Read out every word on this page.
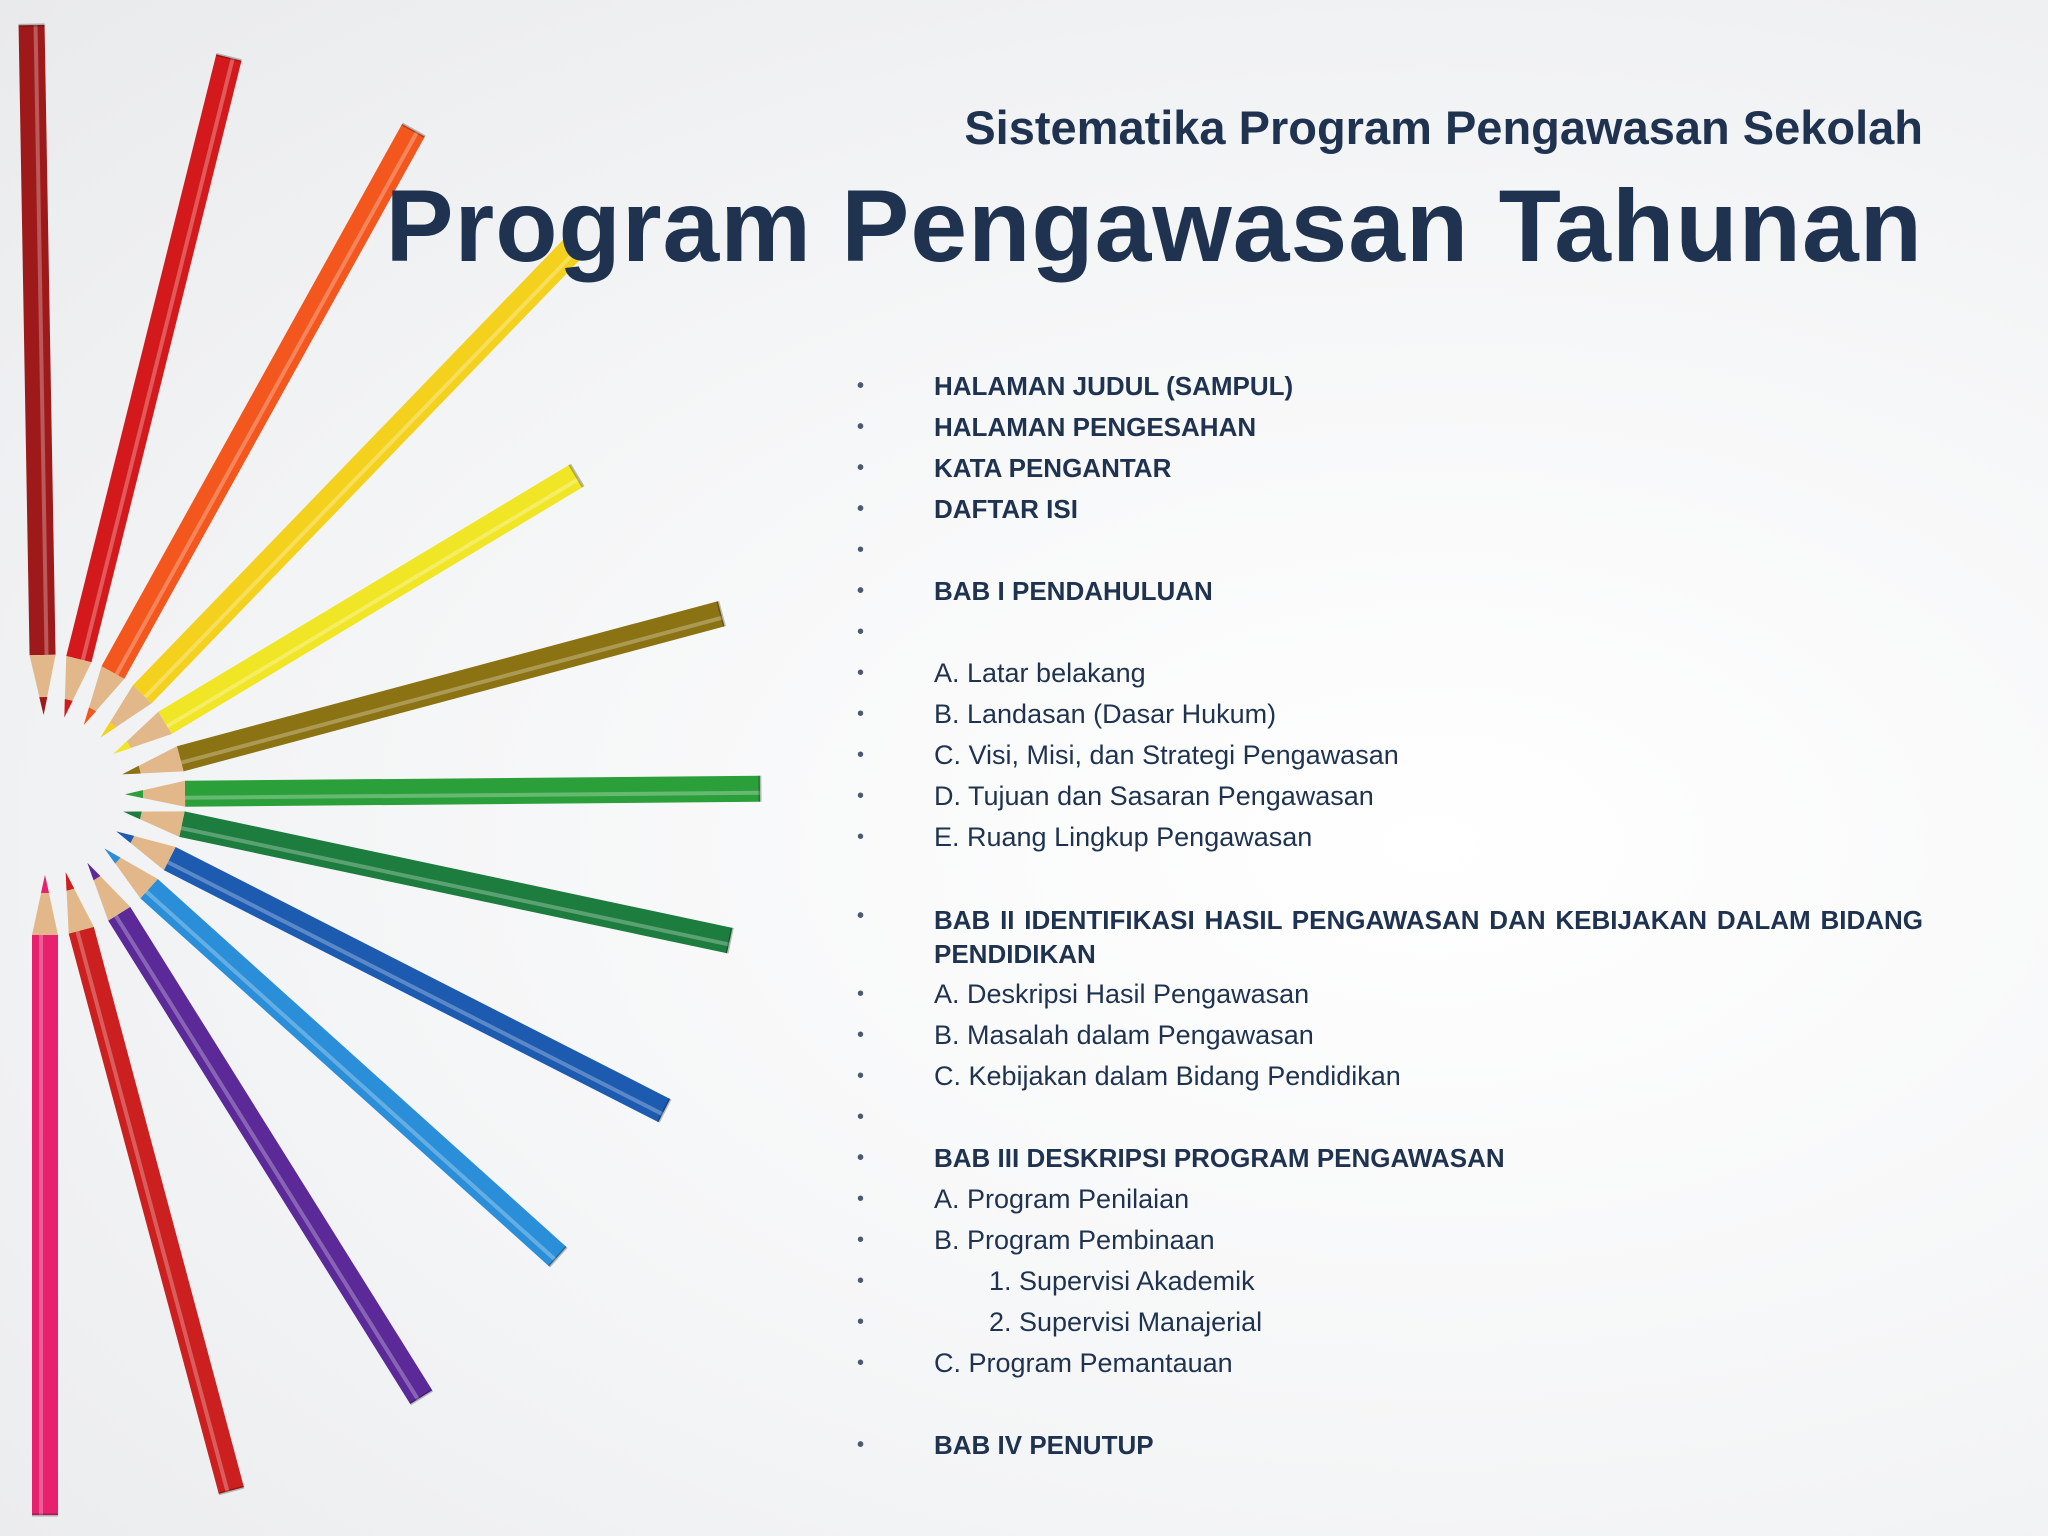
Sistematika Program Pengawasan Sekolah
Program Pengawasan Tahunan
• HALAMAN JUDUL (SAMPUL)
• HALAMAN PENGESAHAN
• KATA PENGANTAR
• DAFTAR ISI
•
• BAB I PENDAHULUAN
•
• A. Latar belakang
• B. Landasan (Dasar Hukum)
• C. Visi, Misi, dan Strategi Pengawasan
• D. Tujuan dan Sasaran Pengawasan
• E. Ruang Lingkup Pengawasan
• BAB II IDENTIFIKASI HASIL PENGAWASAN DAN KEBIJAKAN DALAM BIDANG PENDIDIKAN
• A. Deskripsi Hasil Pengawasan
• B. Masalah dalam Pengawasan
• C. Kebijakan dalam Bidang Pendidikan
•
• BAB III DESKRIPSI PROGRAM PENGAWASAN
• A. Program Penilaian
• B. Program Pembinaan
• 1. Supervisi Akademik
• 2. Supervisi Manajerial
• C. Program Pemantauan
• BAB IV PENUTUP
